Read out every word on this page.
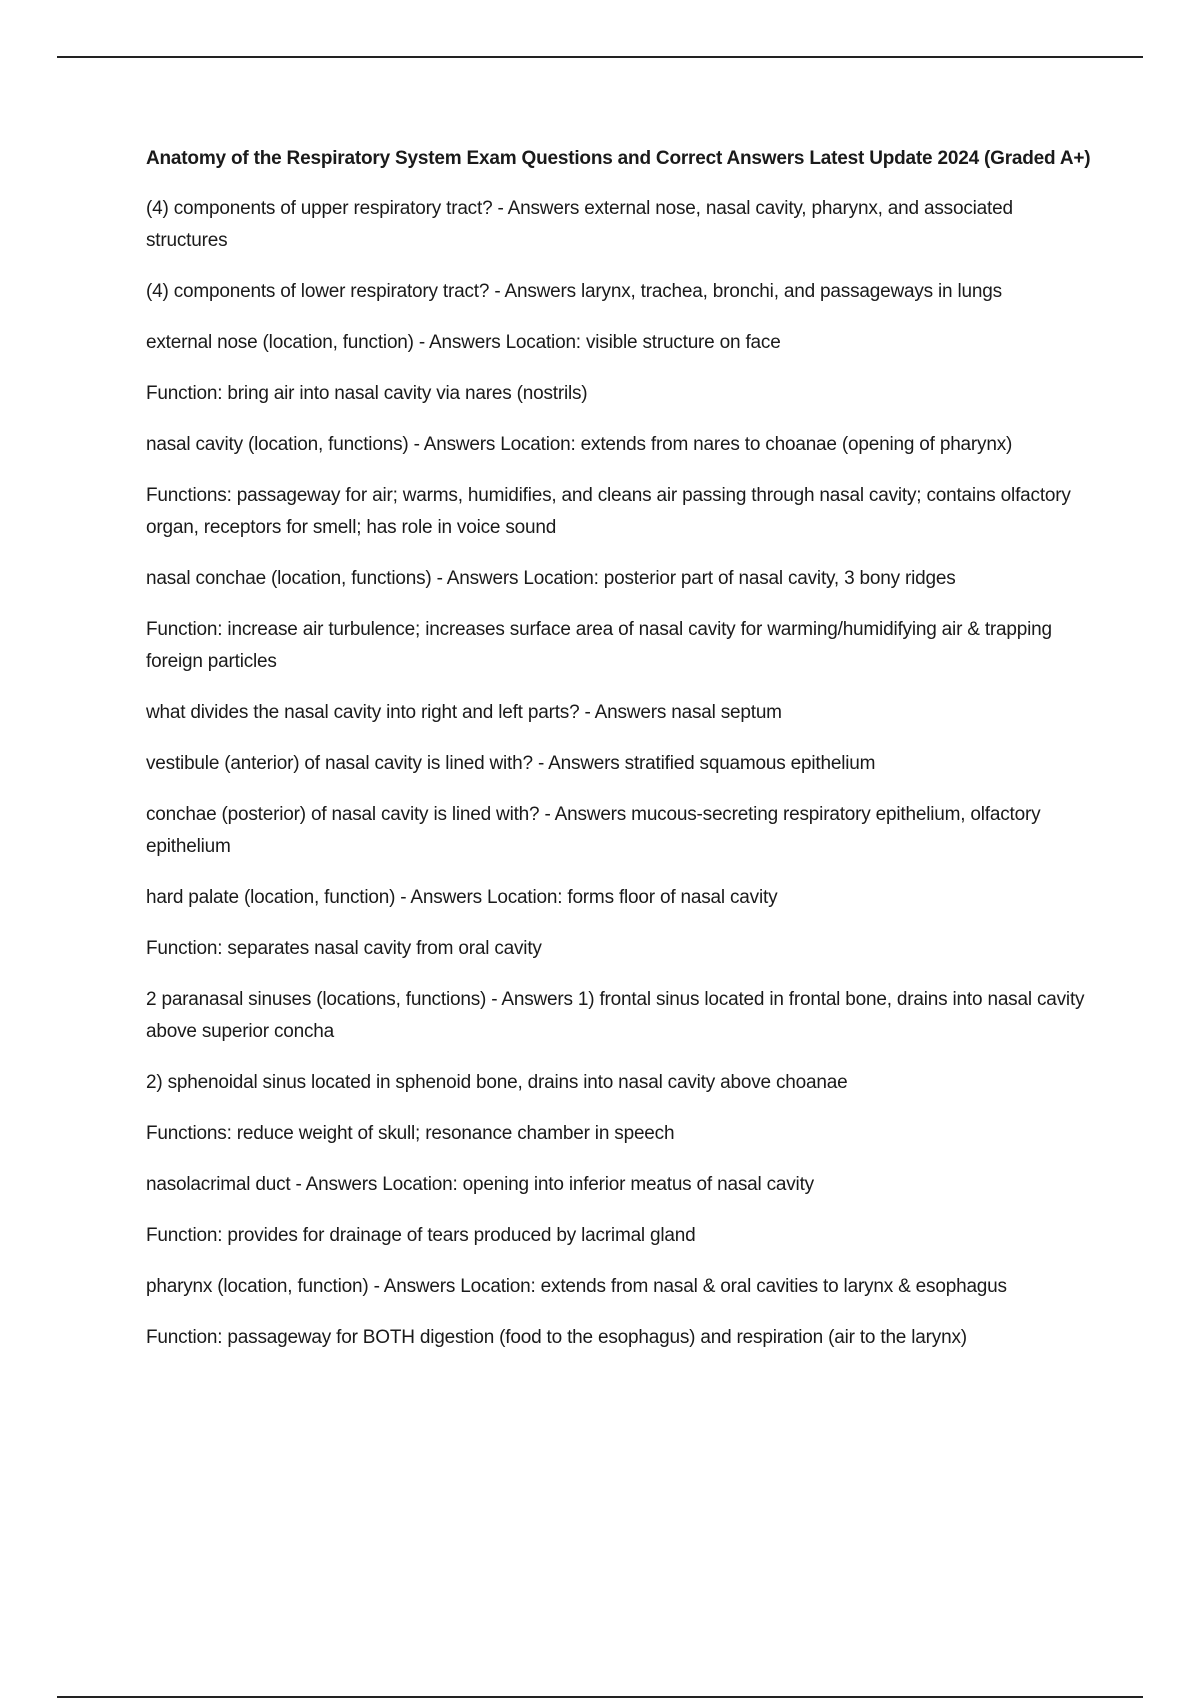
Anatomy of the Respiratory System Exam Questions and Correct Answers Latest Update 2024 (Graded A+)
(4) components of upper respiratory tract? - Answers external nose, nasal cavity, pharynx, and associated structures
(4) components of lower respiratory tract? - Answers larynx, trachea, bronchi, and passageways in lungs
external nose (location, function) - Answers Location: visible structure on face
Function: bring air into nasal cavity via nares (nostrils)
nasal cavity (location, functions) - Answers Location: extends from nares to choanae (opening of pharynx)
Functions: passageway for air; warms, humidifies, and cleans air passing through nasal cavity; contains olfactory organ, receptors for smell; has role in voice sound
nasal conchae (location, functions) - Answers Location: posterior part of nasal cavity, 3 bony ridges
Function: increase air turbulence; increases surface area of nasal cavity for warming/humidifying air & trapping foreign particles
what divides the nasal cavity into right and left parts? - Answers nasal septum
vestibule (anterior) of nasal cavity is lined with? - Answers stratified squamous epithelium
conchae (posterior) of nasal cavity is lined with? - Answers mucous-secreting respiratory epithelium, olfactory epithelium
hard palate (location, function) - Answers Location: forms floor of nasal cavity
Function: separates nasal cavity from oral cavity
2 paranasal sinuses (locations, functions) - Answers 1) frontal sinus located in frontal bone, drains into nasal cavity above superior concha
2) sphenoidal sinus located in sphenoid bone, drains into nasal cavity above choanae
Functions: reduce weight of skull; resonance chamber in speech
nasolacrimal duct - Answers Location: opening into inferior meatus of nasal cavity
Function: provides for drainage of tears produced by lacrimal gland
pharynx (location, function) - Answers Location: extends from nasal & oral cavities to larynx & esophagus
Function: passageway for BOTH digestion (food to the esophagus) and respiration (air to the larynx)
